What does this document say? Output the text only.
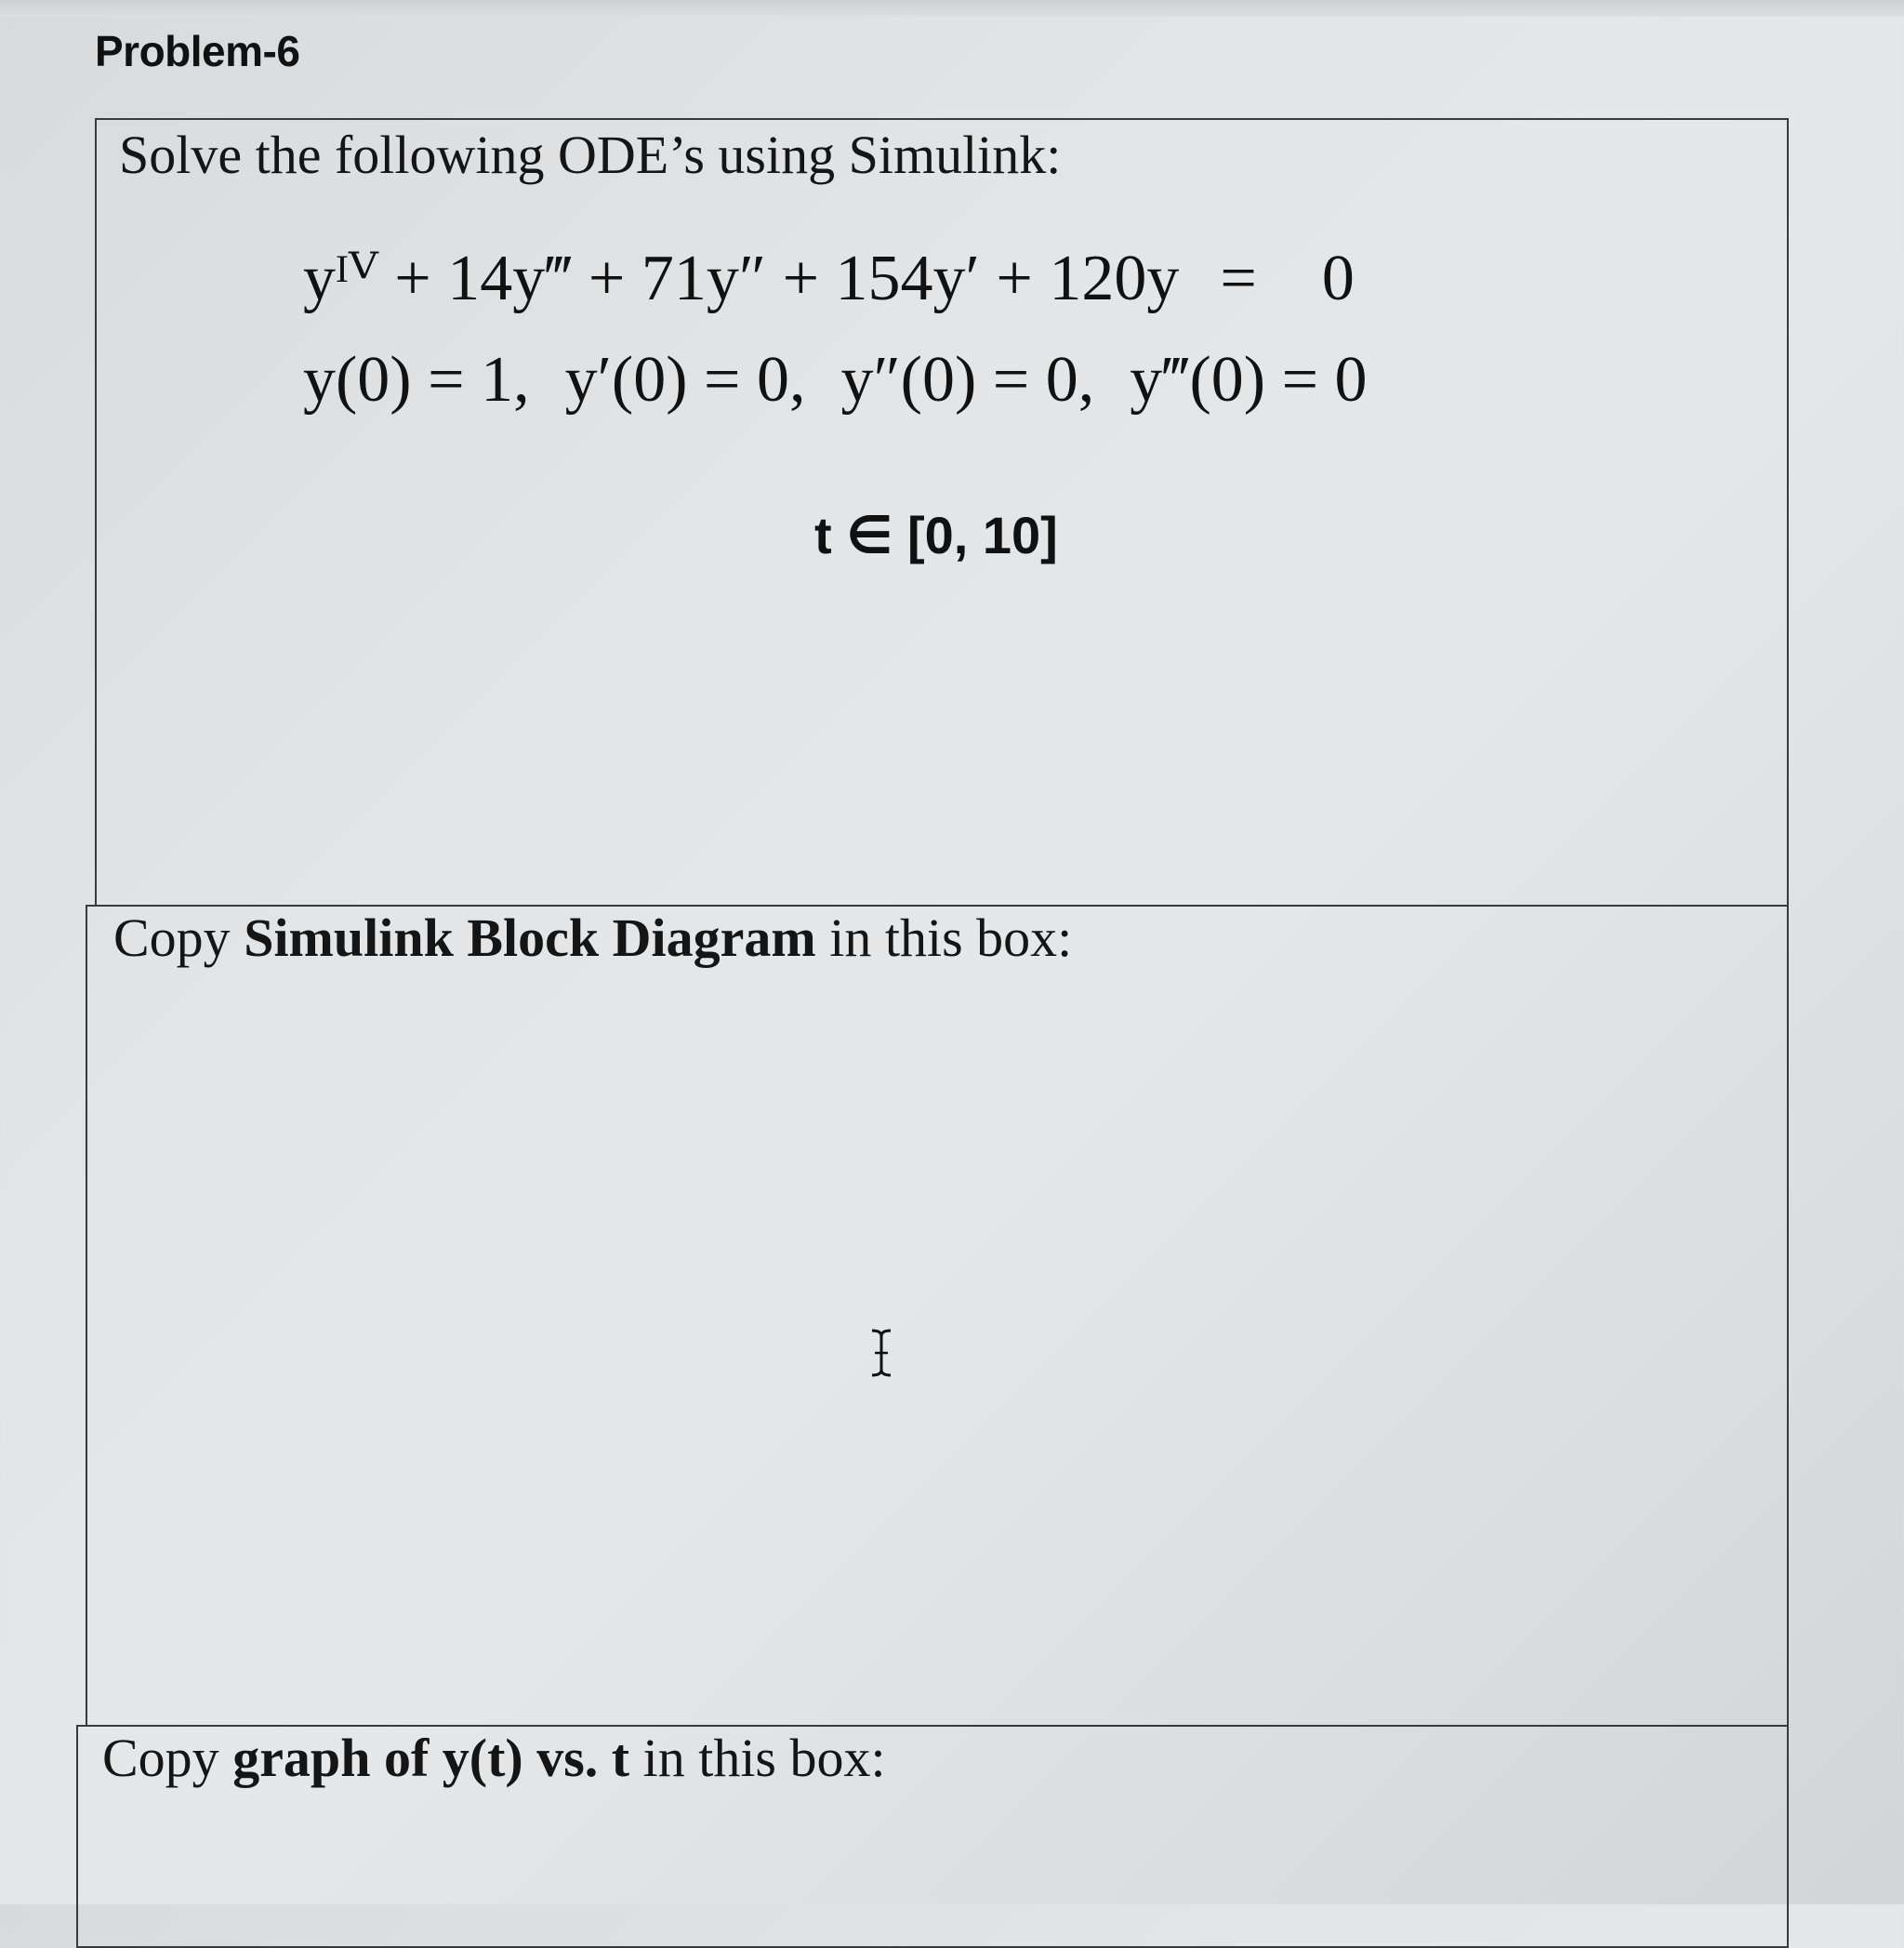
Problem-6
Solve the following ODE’s using Simulink:
yᴵⱽ + 14y‴ + 71y″ + 154y′ + 120y = 0
y(0) = 1, y′(0) = 0, y″(0) = 0, y‴(0) = 0
t ∈ [0, 10]
Copy Simulink Block Diagram in this box:
Copy graph of y(t) vs. t in this box:
